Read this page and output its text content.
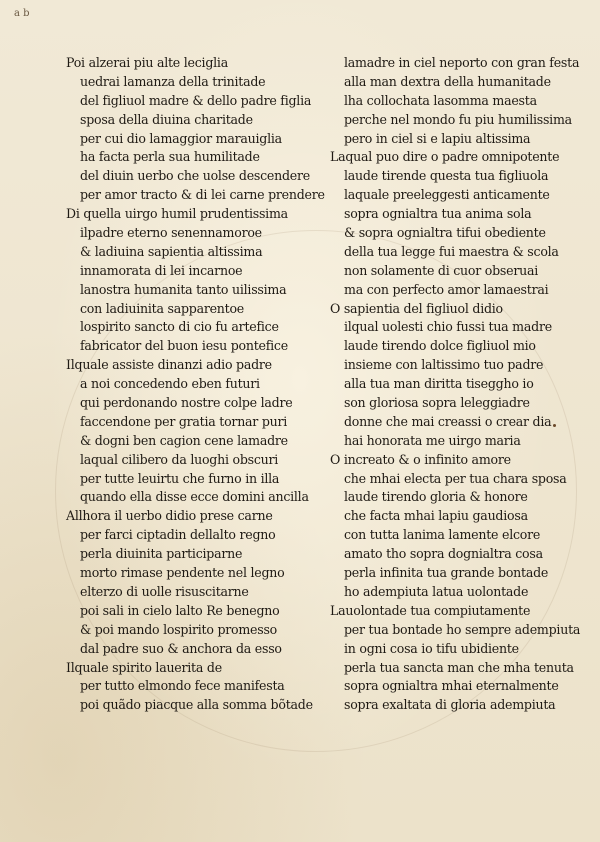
a b
Poi alzerai piu alte leciglia
uedrai lamanza della trinitade
del figliuol madre & dello padre figlia
sposa della diuina charitade
per cui dio lamaggior marauiglia
ha facta perla sua humilitade
del diuin uerbo che uolse descendere
per amor tracto & di lei carne prendere
Di quella uirgo humil prudentissima
ilpadre eterno senennamoroe
& ladiuina sapientia altissima
innamorata di lei incarnoe
lanostra humanita tanto uilissima
con ladiuinita sapparentoe
lospirito sancto di cio fu artefice
fabricator del buon iesu pontefice
Ilquale assiste dinanzi adio padre
a noi concedendo eben futuri
qui perdonando nostre colpe ladre
faccendone per gratia tornar puri
& dogni ben cagion cene lamadre
laqual cilibero da luoghi obscuri
per tutte leuirtu che furno in illa
quando ella disse ecce domini ancilla
Allhora il uerbo didio prese carne
per farci ciptadin dellalto regno
perla diuinita participarne
morto rimase pendente nel legno
elterzo di uolle risuscitarne
poi sali in cielo lalto Re benegno
& poi mando lospirito promesso
dal padre suo & anchora da esso
Ilquale spirito lauerita de
per tutto elmondo fece manifesta
poi quãdo piacque alla somma bõtade
lamadre in ciel neporto con gran festa
alla man dextra della humanitade
lha collochata lasomma maesta
perche nel mondo fu piu humilissima
pero in ciel si e lapiu altissima
Laqual puo dire o padre omnipotente
laude tirende questa tua figliuola
laquale preeleggesti anticamente
sopra ognialtra tua anima sola
& sopra ognialtra tifui obediente
della tua legge fui maestra & scola
non solamente di cuor obseruai
ma con perfecto amor lamaestrai
O sapientia del figliuol didio
ilqual uolesti chio fussi tua madre
laude tirendo dolce figliuol mio
insieme con laltissimo tuo padre
alla tua man diritta tiseggho io
son gloriosa sopra leleggiadre
donne che mai creassi o crear dia
hai honorata me uirgo maria
O increato & o infinito amore
che mhai electa per tua chara sposa
laude tirendo gloria & honore
che facta mhai lapiu gaudiosa
con tutta lanima lamente elcore
amato tho sopra dognialtra cosa
perla infinita tua grande bontade
ho adempiuta latua uolontade
Lauolontade tua compiutamente
per tua bontade ho sempre adempiuta
in ogni cosa io tifu ubidiente
perla tua sancta man che mha tenuta
sopra ognialtra mhai eternalmente
sopra exaltata di gloria adempiuta
